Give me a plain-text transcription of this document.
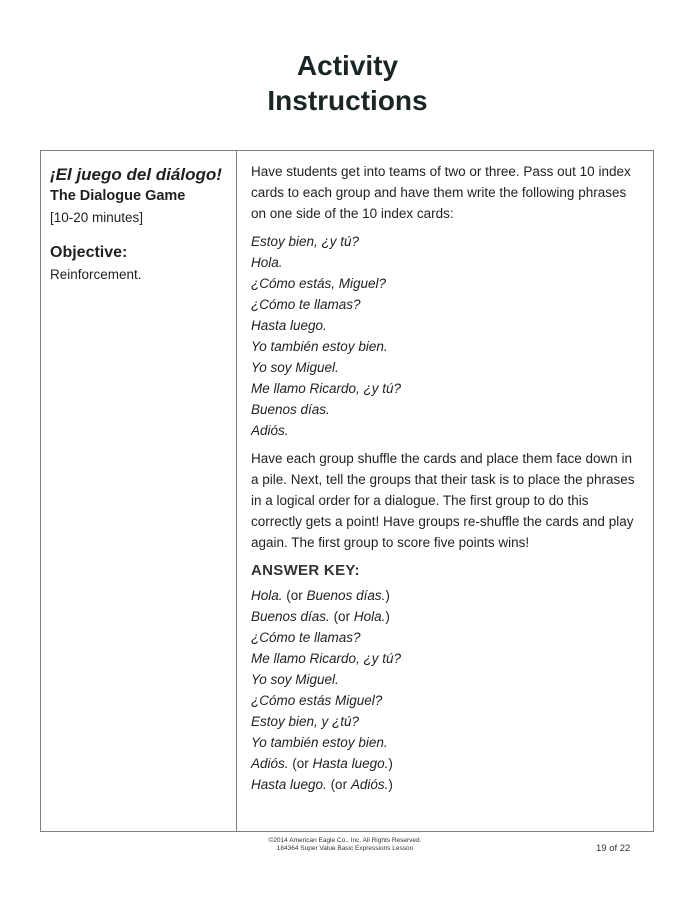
Activity
Instructions
¡El juego del diálogo!
The Dialogue Game
[10-20 minutes]
Objective:
Reinforcement.

Have students get into teams of two or three. Pass out 10 index cards to each group and have them write the following phrases on one side of the 10 index cards:

Estoy bien, ¿y tú?
Hola.
¿Cómo estás, Miguel?
¿Cómo te llamas?
Hasta luego.
Yo también estoy bien.
Yo soy Miguel.
Me llamo Ricardo, ¿y tú?
Buenos días.
Adiós.

Have each group shuffle the cards and place them face down in a pile. Next, tell the groups that their task is to place the phrases in a logical order for a dialogue. The first group to do this correctly gets a point! Have groups re-shuffle the cards and play again. The first group to score five points wins!

ANSWER KEY:
Hola. (or Buenos días.)
Buenos días. (or Hola.)
¿Cómo te llamas?
Me llamo Ricardo, ¿y tú?
Yo soy Miguel.
¿Cómo estás Miguel?
Estoy bien, y ¿tú?
Yo también estoy bien.
Adiós. (or Hasta luego.)
Hasta luego. (or Adiós.)
©2014 American Eagle Co., Inc. All Rights Reserved.
184364 Super Value Basic Expressions Lesson	19 of 22
